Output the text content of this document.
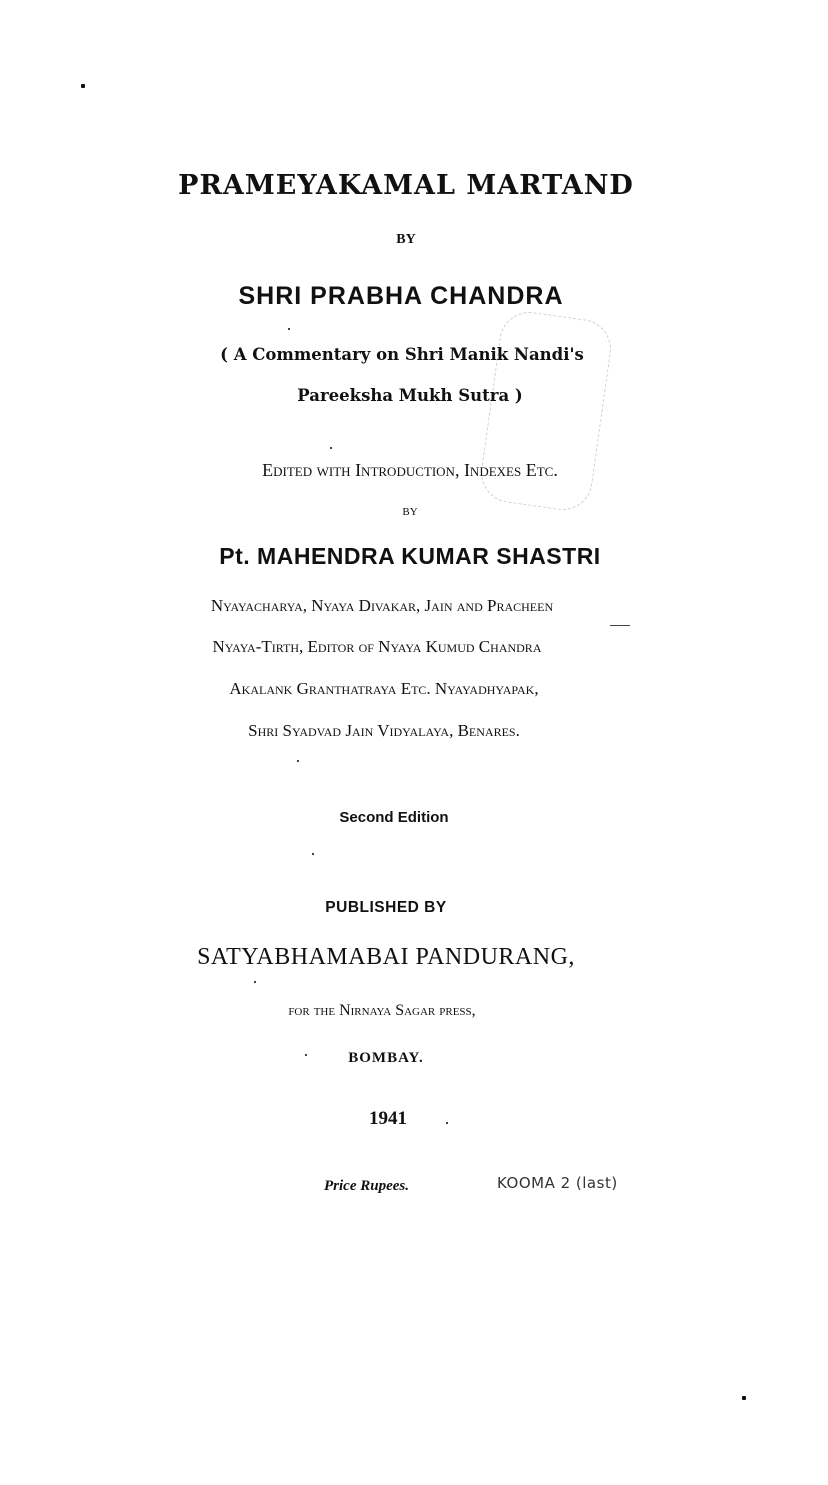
PRAMEYAKAMAL MARTAND
BY
SHRI PRABHA CHANDRA
( A Commentary on Shri Manik Nandi's
Pareeksha Mukh Sutra )
Edited with Introduction, Indexes Etc.
BY
Pt. MAHENDRA KUMAR SHASTRI
Nyayacharya, Nyaya Divakar, Jain and Pracheen
Nyaya-Tirth, Editor of Nyaya Kumud Chandra
Akalank Granthatraya Etc. Nyayadhyapak,
Shri Syadvad Jain Vidyalaya, Benares.
Second Edition
PUBLISHED BY
SATYABHAMABAI PANDURANG,
for the Nirnaya Sagar press,
BOMBAY.
1941
Price Rupees.	KOOMA 2 (last)
